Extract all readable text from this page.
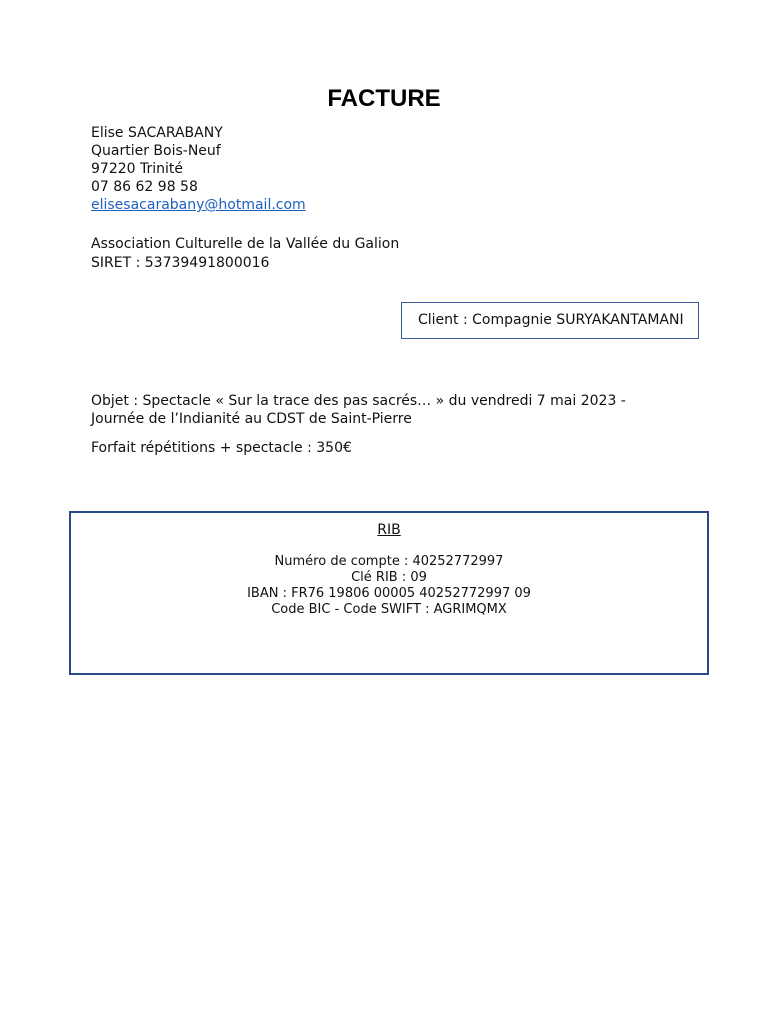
FACTURE
Elise SACARABANY
Quartier Bois-Neuf
97220 Trinité
07 86 62 98 58
elisesacarabany@hotmail.com
Association Culturelle de la Vallée du Galion
SIRET : 53739491800016
Client : Compagnie SURYAKANTAMANI
Objet : Spectacle « Sur la trace des pas sacrés… » du vendredi 7 mai 2023 -
Journée de l’Indianité au CDST de Saint-Pierre
Forfait répétitions + spectacle : 350€
RIB
Numéro de compte : 40252772997
Clé RIB : 09
IBAN : FR76 19806 00005 40252772997 09
Code BIC - Code SWIFT : AGRIMQMX
